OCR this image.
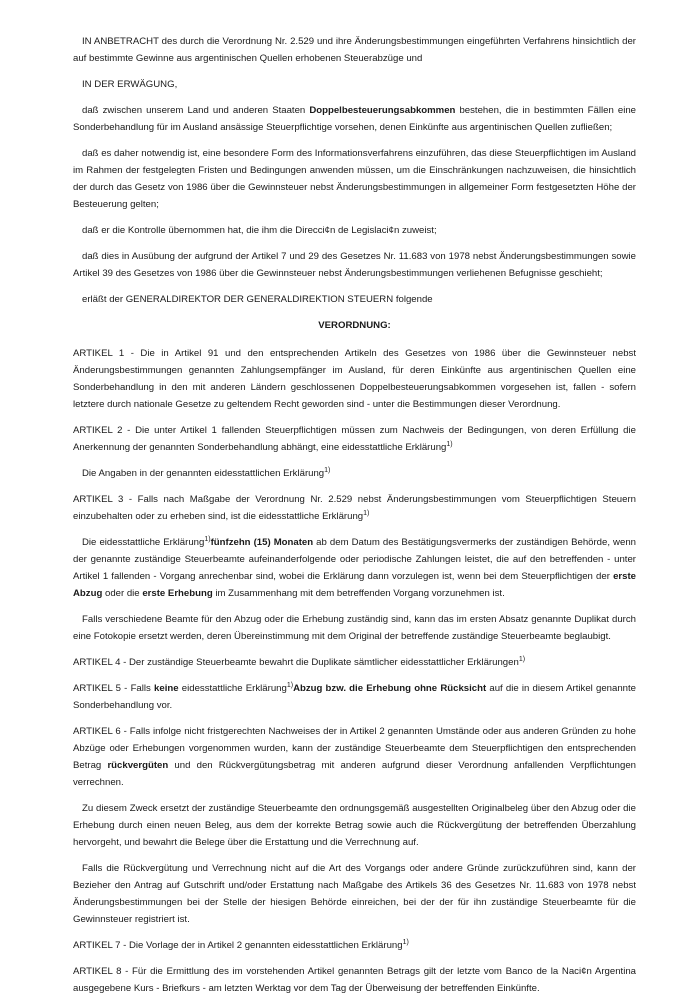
IN ANBETRACHT des durch die Verordnung Nr. 2.529 und ihre Änderungsbestimmungen eingeführten Verfahrens hinsichtlich der auf bestimmte Gewinne aus argentinischen Quellen erhobenen Steuerabzüge und

IN DER ERWÄGUNG,

daß zwischen unserem Land und anderen Staaten Doppelbesteuerungsabkommen bestehen, die in bestimmten Fällen eine Sonderbehandlung für im Ausland ansässige Steuerpflichtige vorsehen, denen Einkünfte aus argentinischen Quellen zufließen;

daß es daher notwendig ist, eine besondere Form des Informationsverfahrens einzuführen, das diese Steuerpflichtigen im Ausland im Rahmen der festgelegten Fristen und Bedingungen anwenden müssen, um die Einschränkungen nachzuweisen, die hinsichtlich der durch das Gesetz von 1986 über die Gewinnsteuer nebst Änderungsbestimmungen in allgemeiner Form festgesetzten Höhe der Besteuerung gelten;

daß er die Kontrolle übernommen hat, die ihm die Direcci¢n de Legislaci¢n zuweist;

daß dies in Ausübung der aufgrund der Artikel 7 und 29 des Gesetzes Nr. 11.683 von 1978 nebst Änderungsbestimmungen sowie Artikel 39 des Gesetzes von 1986 über die Gewinnsteuer nebst Änderungsbestimmungen verliehenen Befugnisse geschieht;

erläßt der GENERALDIREKTOR DER GENERALDIREKTION STEUERN folgende

VERORDNUNG:

ARTIKEL 1 - Die in Artikel 91 und den entsprechenden Artikeln des Gesetzes von 1986 über die Gewinnsteuer nebst Änderungsbestimmungen genannten Zahlungsempfänger im Ausland, für deren Einkünfte aus argentinischen Quellen eine Sonderbehandlung in den mit anderen Ländern geschlossenen Doppelbesteuerungsabkommen vorgesehen ist, fallen - sofern letztere durch nationale Gesetze zu geltendem Recht geworden sind - unter die Bestimmungen dieser Verordnung.

ARTIKEL 2 - Die unter Artikel 1 fallenden Steuerpflichtigen müssen zum Nachweis der Bedingungen, von deren Erfüllung die Anerkennung der genannten Sonderbehandlung abhängt, eine eidesstattliche Erklärung$^{1)}$

Die Angaben in der genannten eidesstattlichen Erklärung$^{1)}$

ARTIKEL 3 - Falls nach Maßgabe der Verordnung Nr. 2.529 nebst Änderungsbestimmungen vom Steuerpflichtigen Steuern einzubehalten oder zu erheben sind, ist die eidesstattliche Erklärung$^{1)}$

Die eidesstattliche Erklärung$^{1)}$fünfzehn (15) Monaten ab dem Datum des Bestätigungsvermerks der zuständigen Behörde, wenn der genannte zuständige Steuerbeamte aufeinanderfolgende oder periodische Zahlungen leistet, die auf den betreffenden - unter Artikel 1 fallenden - Vorgang anrechenbar sind, wobei die Erklärung dann vorzulegen ist, wenn bei dem Steuerpflichtigen der erste Abzug oder die erste Erhebung im Zusammenhang mit dem betreffenden Vorgang vorzunehmen ist.

Falls verschiedene Beamte für den Abzug oder die Erhebung zuständig sind, kann das im ersten Absatz genannte Duplikat durch eine Fotokopie ersetzt werden, deren Übereinstimmung mit dem Original der betreffende zuständige Steuerbeamte beglaubigt.

ARTIKEL 4 - Der zuständige Steuerbeamte bewahrt die Duplikate sämtlicher eidesstattlicher Erklärungen$^{1)}$

ARTIKEL 5 - Falls keine eidesstattliche Erklärung$^{1)}$Abzug bzw. die Erhebung ohne Rücksicht auf die in diesem Artikel genannte Sonderbehandlung vor.

ARTIKEL 6 - Falls infolge nicht fristgerechten Nachweises der in Artikel 2 genannten Umstände oder aus anderen Gründen zu hohe Abzüge oder Erhebungen vorgenommen wurden, kann der zuständige Steuerbeamte dem Steuerpflichtigen den entsprechenden Betrag rückvergüten und den Rückvergütungsbetrag mit anderen aufgrund dieser Verordnung anfallenden Verpflichtungen verrechnen.

Zu diesem Zweck ersetzt der zuständige Steuerbeamte den ordnungsgemäß ausgestellten Originalbeleg über den Abzug oder die Erhebung durch einen neuen Beleg, aus dem der korrekte Betrag sowie auch die Rückvergütung der betreffenden Überzahlung hervorgeht, und bewahrt die Belege über die Erstattung und die Verrechnung auf.

Falls die Rückvergütung und Verrechnung nicht auf die Art des Vorgangs oder andere Gründe zurückzuführen sind, kann der Bezieher den Antrag auf Gutschrift und/oder Erstattung nach Maßgabe des Artikels 36 des Gesetzes Nr. 11.683 von 1978 nebst Änderungsbestimmungen bei der Stelle der hiesigen Behörde einreichen, bei der der für ihn zuständige Steuerbeamte für die Gewinnsteuer registriert ist.

ARTIKEL 7 - Die Vorlage der in Artikel 2 genannten eidesstattlichen Erklärung$^{1)}$

ARTIKEL 8 - Für die Ermittlung des im vorstehenden Artikel genannten Betrags gilt der letzte vom Banco de la Naci¢n Argentina ausgegebene Kurs - Briefkurs - am letzten Werktag vor dem Tag der Überweisung der betreffenden Einkünfte.
